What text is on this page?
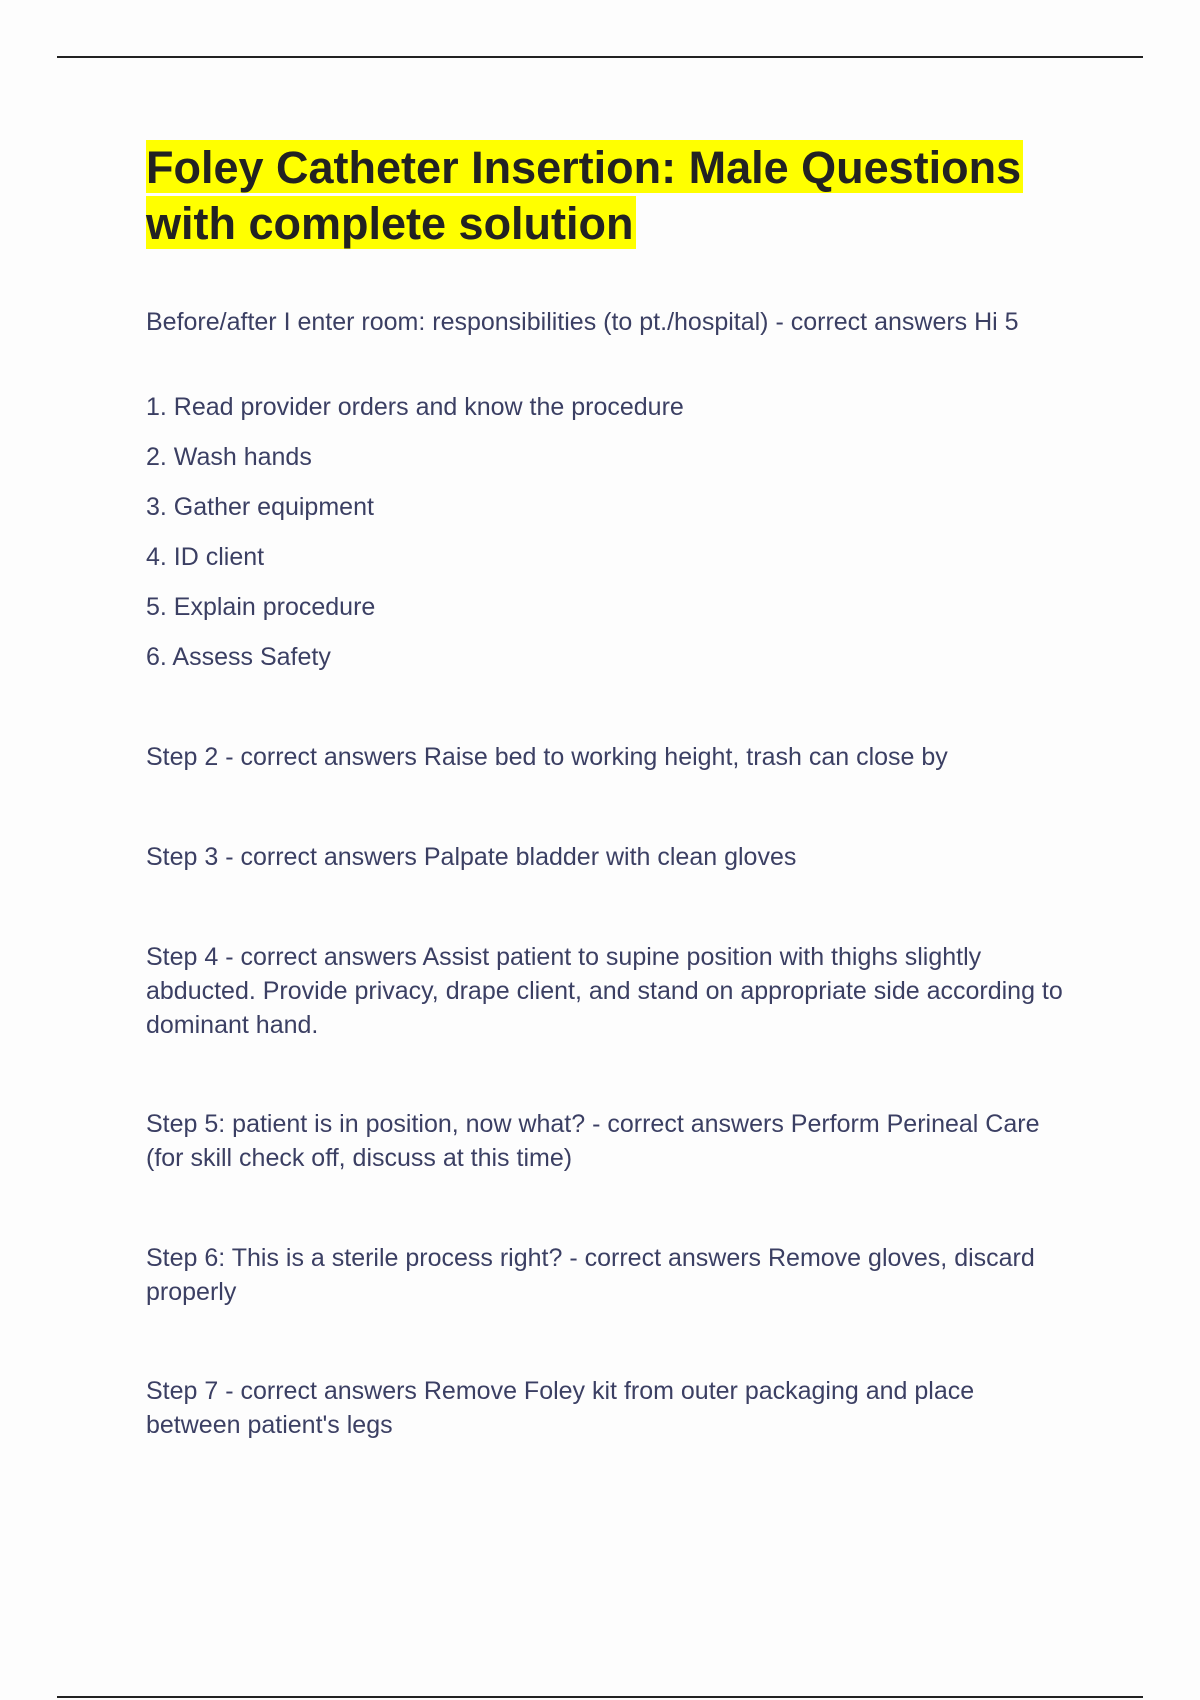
Foley Catheter Insertion: Male Questions with complete solution

Before/after I enter room: responsibilities (to pt./hospital) - correct answers Hi 5

1. Read provider orders and know the procedure
2. Wash hands
3. Gather equipment
4. ID client
5. Explain procedure
6. Assess Safety

Step 2 - correct answers Raise bed to working height, trash can close by

Step 3 - correct answers Palpate bladder with clean gloves

Step 4 - correct answers Assist patient to supine position with thighs slightly abducted. Provide privacy, drape client, and stand on appropriate side according to dominant hand.

Step 5: patient is in position, now what? - correct answers Perform Perineal Care (for skill check off, discuss at this time)

Step 6: This is a sterile process right? - correct answers Remove gloves, discard properly

Step 7 - correct answers Remove Foley kit from outer packaging and place between patient's legs
